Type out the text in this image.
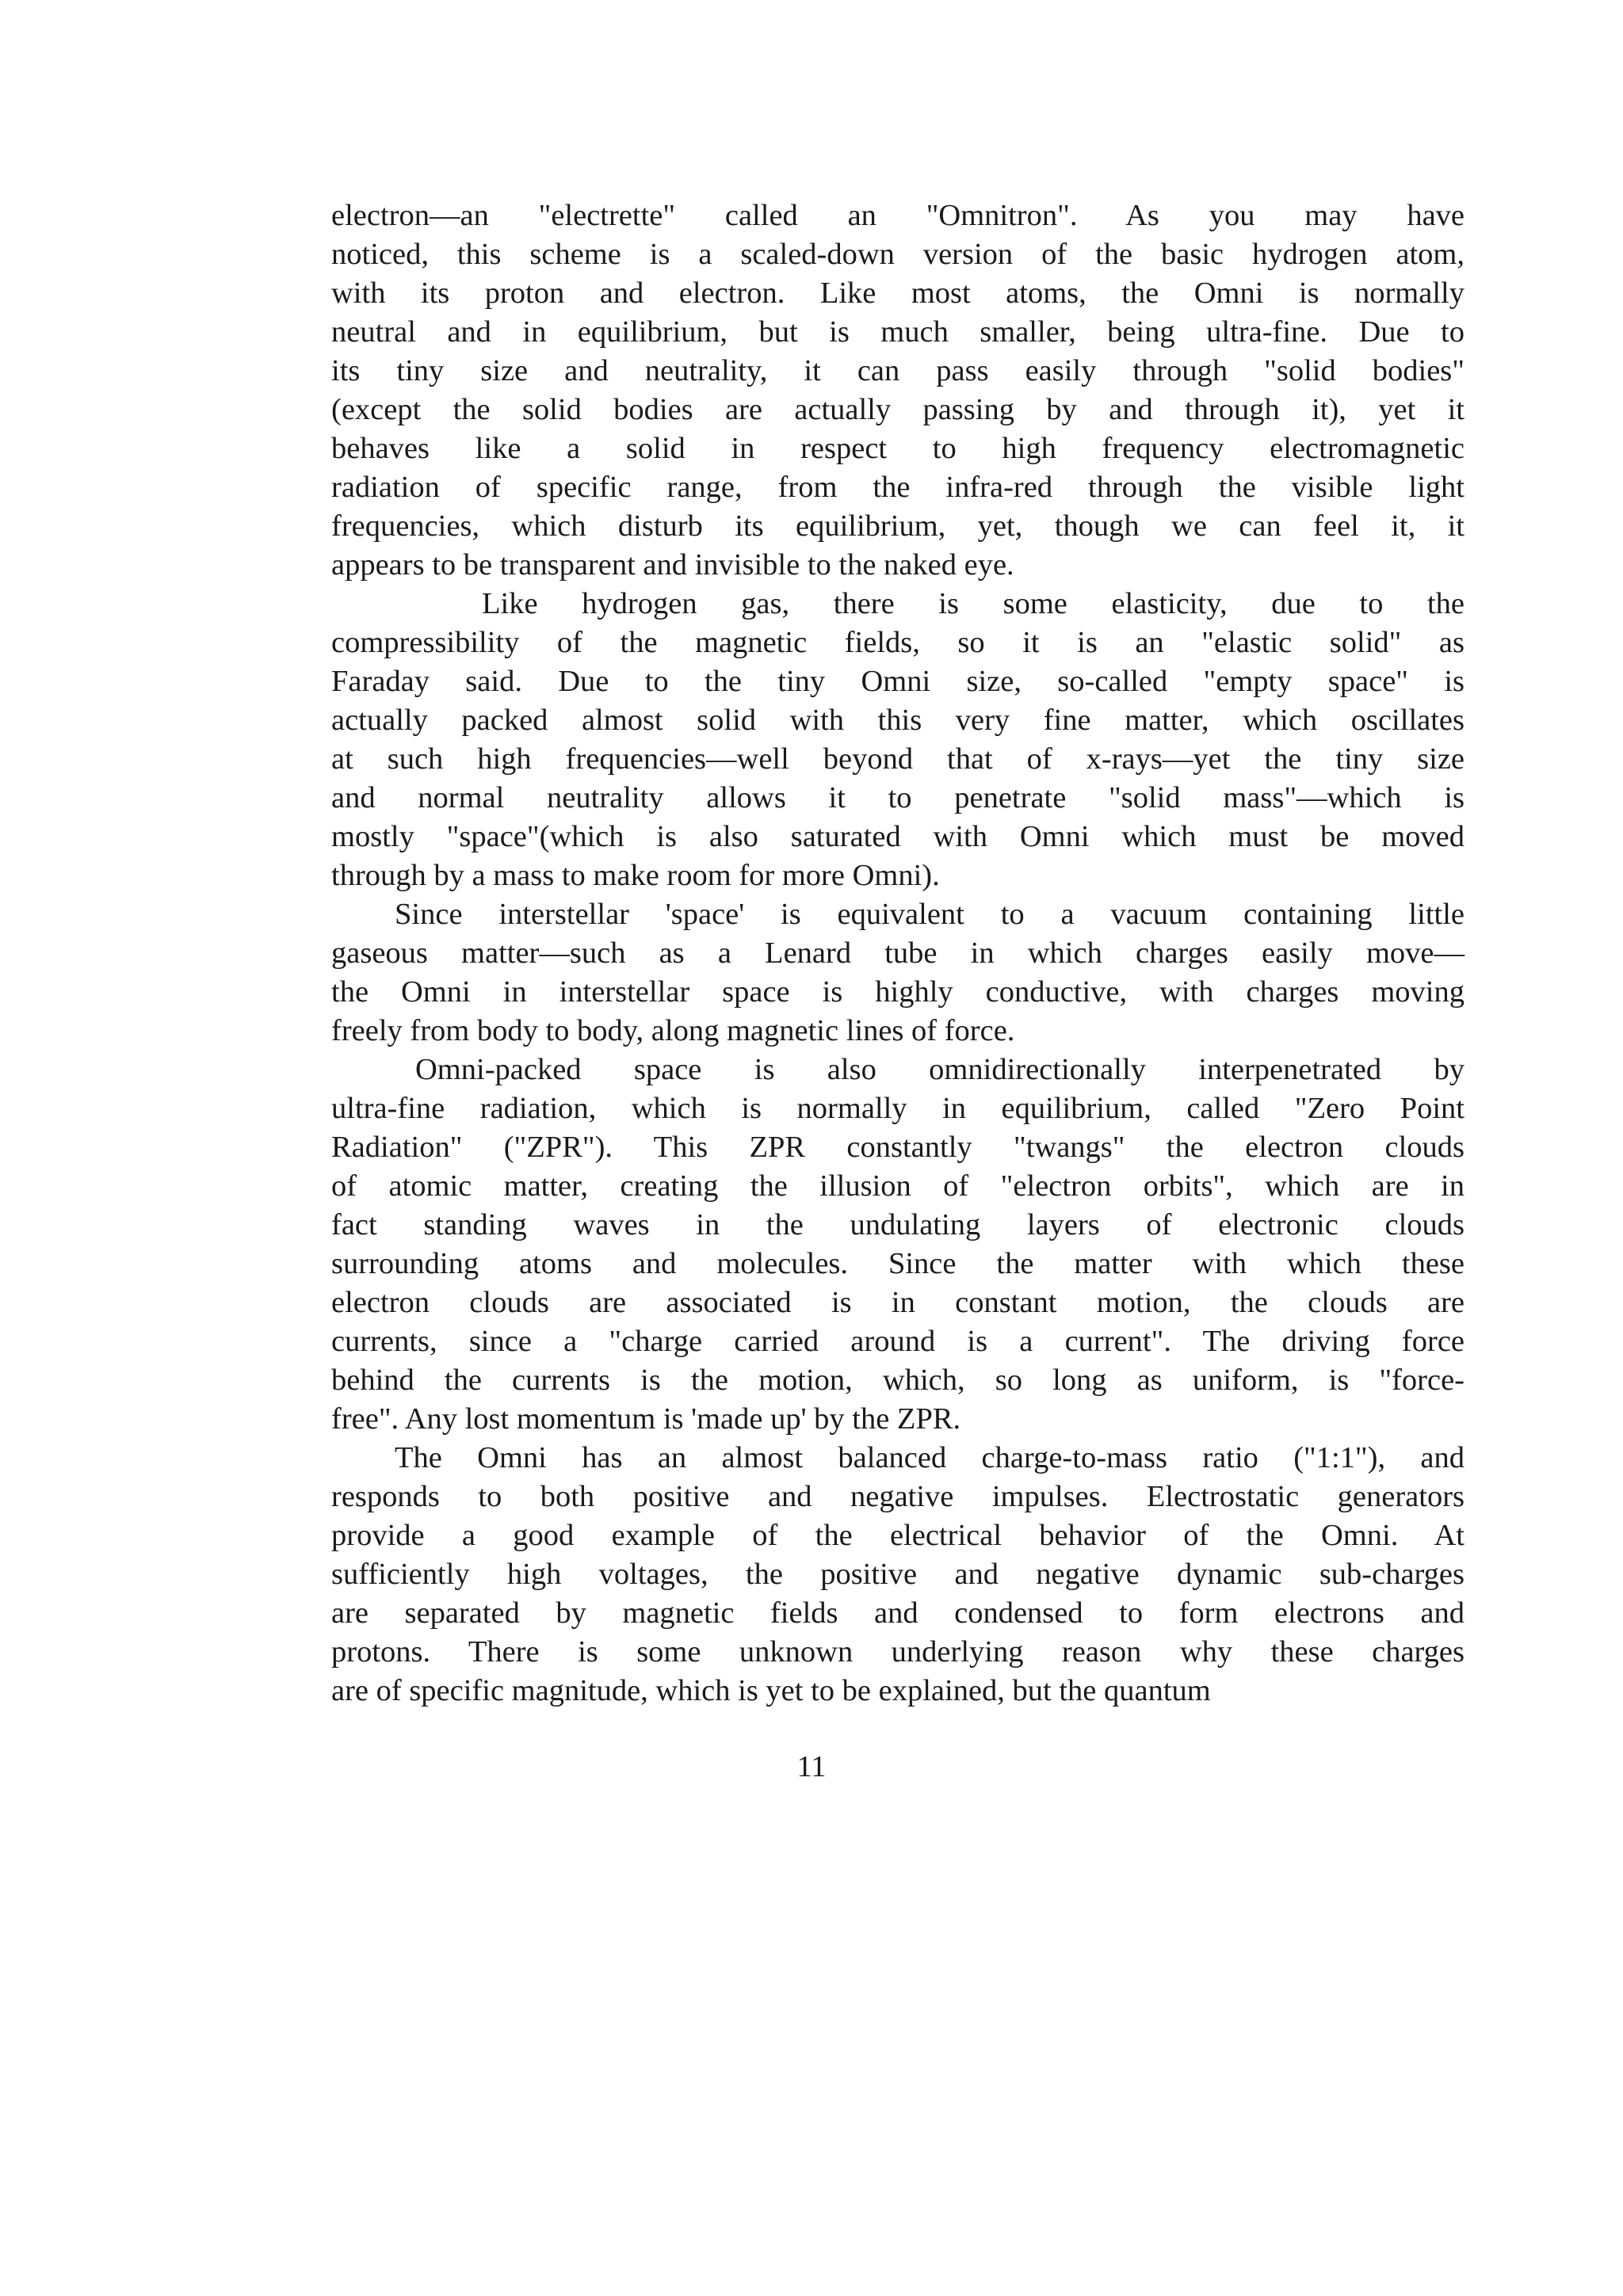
electron—an "electrette" called an "Omnitron". As you may have
noticed, this scheme is a scaled-down version of the basic hydrogen atom,
with its proton and electron. Like most atoms, the Omni is normally
neutral and in equilibrium, but is much smaller, being ultra-fine. Due to
its tiny size and neutrality, it can pass easily through "solid bodies"
(except the solid bodies are actually passing by and through it), yet it
behaves like a solid in respect to high frequency electromagnetic
radiation of specific range, from the infra-red through the visible light
frequencies, which disturb its equilibrium, yet, though we can feel it, it
appears to be transparent and invisible to the naked eye.
Like hydrogen gas, there is some elasticity, due to the
compressibility of the magnetic fields, so it is an "elastic solid" as
Faraday said. Due to the tiny Omni size, so-called "empty space" is
actually packed almost solid with this very fine matter, which oscillates
at such high frequencies—well beyond that of x-rays—yet the tiny size
and normal neutrality allows it to penetrate "solid mass"—which is
mostly "space"(which is also saturated with Omni which must be moved
through by a mass to make room for more Omni).
Since interstellar 'space' is equivalent to a vacuum containing little
gaseous matter—such as a Lenard tube in which charges easily move—
the Omni in interstellar space is highly conductive, with charges moving
freely from body to body, along magnetic lines of force.
Omni-packed space is also omnidirectionally interpenetrated by
ultra-fine radiation, which is normally in equilibrium, called "Zero Point
Radiation" ("ZPR"). This ZPR constantly "twangs" the electron clouds
of atomic matter, creating the illusion of "electron orbits", which are in
fact standing waves in the undulating layers of electronic clouds
surrounding atoms and molecules. Since the matter with which these
electron clouds are associated is in constant motion, the clouds are
currents, since a "charge carried around is a current". The driving force
behind the currents is the motion, which, so long as uniform, is "force-
free". Any lost momentum is 'made up' by the ZPR.
The Omni has an almost balanced charge-to-mass ratio ("1:1"), and
responds to both positive and negative impulses. Electrostatic generators
provide a good example of the electrical behavior of the Omni. At
sufficiently high voltages, the positive and negative dynamic sub-charges
are separated by magnetic fields and condensed to form electrons and
protons. There is some unknown underlying reason why these charges
are of specific magnitude, which is yet to be explained, but the quantum
11
